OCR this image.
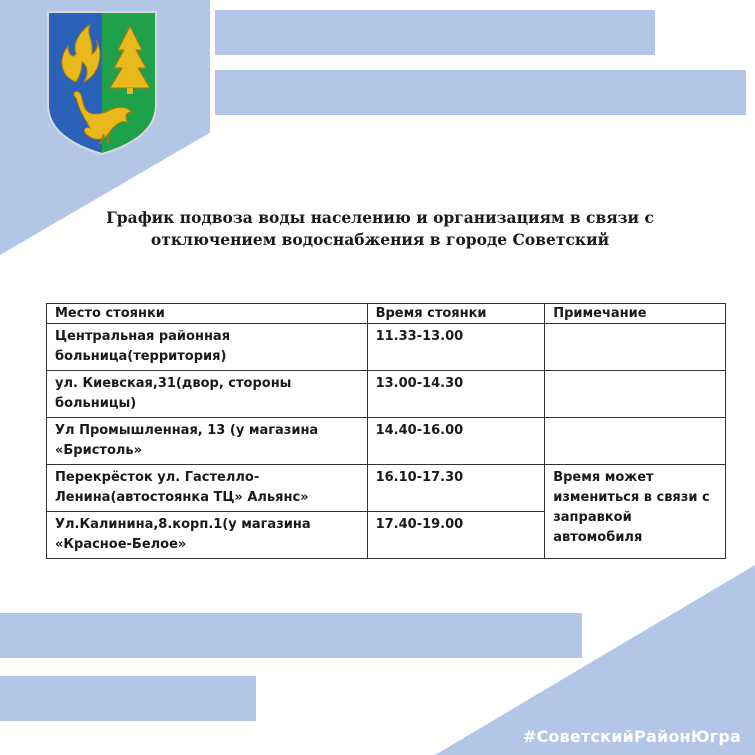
График подвоза воды населению и организациям в связи с
отключением водоснабжения в городе Советский
Место стоянки	Время стоянки	Примечание
Центральная районная больница(территория)	11.33-13.00	
ул. Киевская,31(двор, стороны больницы)	13.00-14.30	
Ул Промышленная, 13 (у магазина «Бристоль»	14.40-16.00	
Перекрёсток ул. Гастелло-Ленина(автостоянка ТЦ» Альянс»	16.10-17.30	Время может измениться в связи с заправкой автомобиля
Ул.Калинина,8.корп.1(у магазина «Красное-Белое»	17.40-19.00	
#СоветскийРайонЮгра
